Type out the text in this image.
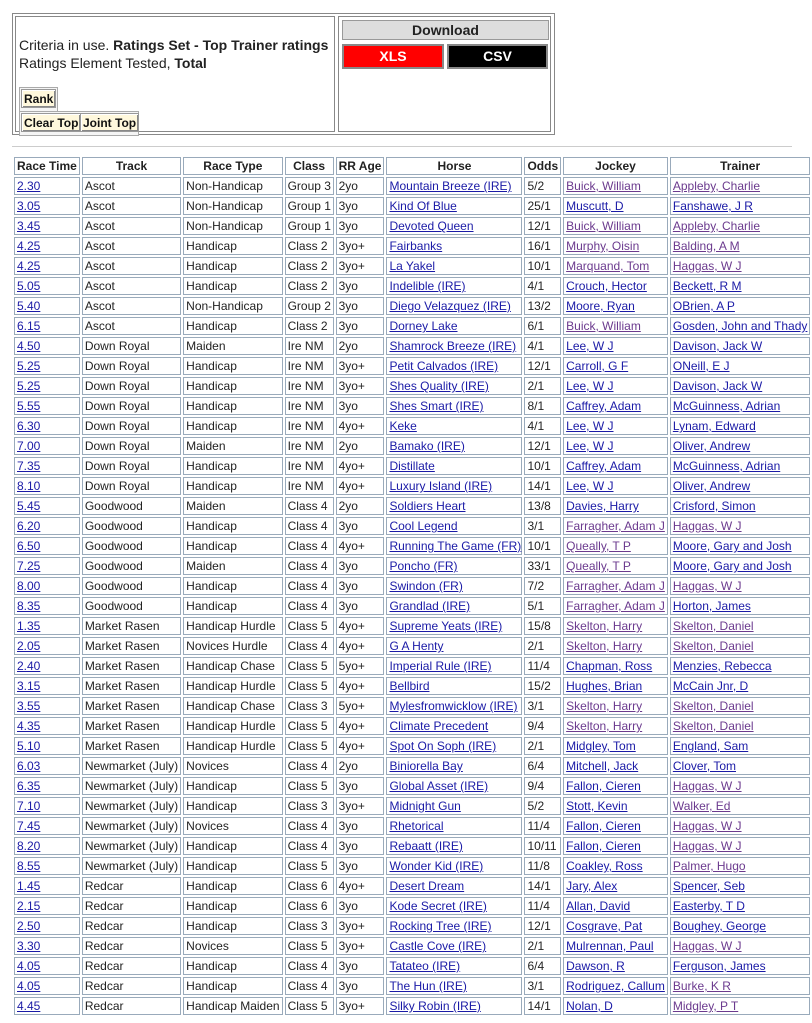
Criteria in use. Ratings Set - Top Trainer ratings
Ratings Element Tested, Total
Rank
Clear Top Joint Top
Download
XLS	CSV
Race Time	Track	Race Type	Class	RR Age	Horse	Odds	Jockey	Trainer
2.30	Ascot	Non-Handicap	Group 3	2yo	Mountain Breeze (IRE)	5/2	Buick, William	Appleby, Charlie
3.05	Ascot	Non-Handicap	Group 1	3yo	Kind Of Blue	25/1	Muscutt, D	Fanshawe, J R
3.45	Ascot	Non-Handicap	Group 1	3yo	Devoted Queen	12/1	Buick, William	Appleby, Charlie
4.25	Ascot	Handicap	Class 2	3yo+	Fairbanks	16/1	Murphy, Oisin	Balding, A M
4.25	Ascot	Handicap	Class 2	3yo+	La Yakel	10/1	Marquand, Tom	Haggas, W J
5.05	Ascot	Handicap	Class 2	3yo	Indelible (IRE)	4/1	Crouch, Hector	Beckett, R M
5.40	Ascot	Non-Handicap	Group 2	3yo	Diego Velazquez (IRE)	13/2	Moore, Ryan	OBrien, A P
6.15	Ascot	Handicap	Class 2	3yo	Dorney Lake	6/1	Buick, William	Gosden, John and Thady
4.50	Down Royal	Maiden	Ire NM	2yo	Shamrock Breeze (IRE)	4/1	Lee, W J	Davison, Jack W
5.25	Down Royal	Handicap	Ire NM	3yo+	Petit Calvados (IRE)	12/1	Carroll, G F	ONeill, E J
5.25	Down Royal	Handicap	Ire NM	3yo+	Shes Quality (IRE)	2/1	Lee, W J	Davison, Jack W
5.55	Down Royal	Handicap	Ire NM	3yo	Shes Smart (IRE)	8/1	Caffrey, Adam	McGuinness, Adrian
6.30	Down Royal	Handicap	Ire NM	4yo+	Keke	4/1	Lee, W J	Lynam, Edward
7.00	Down Royal	Maiden	Ire NM	2yo	Bamako (IRE)	12/1	Lee, W J	Oliver, Andrew
7.35	Down Royal	Handicap	Ire NM	4yo+	Distillate	10/1	Caffrey, Adam	McGuinness, Adrian
8.10	Down Royal	Handicap	Ire NM	4yo+	Luxury Island (IRE)	14/1	Lee, W J	Oliver, Andrew
5.45	Goodwood	Maiden	Class 4	2yo	Soldiers Heart	13/8	Davies, Harry	Crisford, Simon
6.20	Goodwood	Handicap	Class 4	3yo	Cool Legend	3/1	Farragher, Adam J	Haggas, W J
6.50	Goodwood	Handicap	Class 4	4yo+	Running The Game (FR)	10/1	Queally, T P	Moore, Gary and Josh
7.25	Goodwood	Maiden	Class 4	3yo	Poncho (FR)	33/1	Queally, T P	Moore, Gary and Josh
8.00	Goodwood	Handicap	Class 4	3yo	Swindon (FR)	7/2	Farragher, Adam J	Haggas, W J
8.35	Goodwood	Handicap	Class 4	3yo	Grandlad (IRE)	5/1	Farragher, Adam J	Horton, James
1.35	Market Rasen	Handicap Hurdle	Class 5	4yo+	Supreme Yeats (IRE)	15/8	Skelton, Harry	Skelton, Daniel
2.05	Market Rasen	Novices Hurdle	Class 4	4yo+	G A Henty	2/1	Skelton, Harry	Skelton, Daniel
2.40	Market Rasen	Handicap Chase	Class 5	5yo+	Imperial Rule (IRE)	11/4	Chapman, Ross	Menzies, Rebecca
3.15	Market Rasen	Handicap Hurdle	Class 5	4yo+	Bellbird	15/2	Hughes, Brian	McCain Jnr, D
3.55	Market Rasen	Handicap Chase	Class 3	5yo+	Mylesfromwicklow (IRE)	3/1	Skelton, Harry	Skelton, Daniel
4.35	Market Rasen	Handicap Hurdle	Class 5	4yo+	Climate Precedent	9/4	Skelton, Harry	Skelton, Daniel
5.10	Market Rasen	Handicap Hurdle	Class 5	4yo+	Spot On Soph (IRE)	2/1	Midgley, Tom	England, Sam
6.03	Newmarket (July)	Novices	Class 4	2yo	Biniorella Bay	6/4	Mitchell, Jack	Clover, Tom
6.35	Newmarket (July)	Handicap	Class 5	3yo	Global Asset (IRE)	9/4	Fallon, Cieren	Haggas, W J
7.10	Newmarket (July)	Handicap	Class 3	3yo+	Midnight Gun	5/2	Stott, Kevin	Walker, Ed
7.45	Newmarket (July)	Novices	Class 4	3yo	Rhetorical	11/4	Fallon, Cieren	Haggas, W J
8.20	Newmarket (July)	Handicap	Class 4	3yo	Rebaatt (IRE)	10/11	Fallon, Cieren	Haggas, W J
8.55	Newmarket (July)	Handicap	Class 5	3yo	Wonder Kid (IRE)	11/8	Coakley, Ross	Palmer, Hugo
1.45	Redcar	Handicap	Class 6	4yo+	Desert Dream	14/1	Jary, Alex	Spencer, Seb
2.15	Redcar	Handicap	Class 6	3yo	Kode Secret (IRE)	11/4	Allan, David	Easterby, T D
2.50	Redcar	Handicap	Class 3	3yo+	Rocking Tree (IRE)	12/1	Cosgrave, Pat	Boughey, George
3.30	Redcar	Novices	Class 5	3yo+	Castle Cove (IRE)	2/1	Mulrennan, Paul	Haggas, W J
4.05	Redcar	Handicap	Class 4	3yo	Tatateo (IRE)	6/4	Dawson, R	Ferguson, James
4.05	Redcar	Handicap	Class 4	3yo	The Hun (IRE)	3/1	Rodriguez, Callum	Burke, K R
4.45	Redcar	Handicap Maiden	Class 5	3yo+	Silky Robin (IRE)	14/1	Nolan, D	Midgley, P T
